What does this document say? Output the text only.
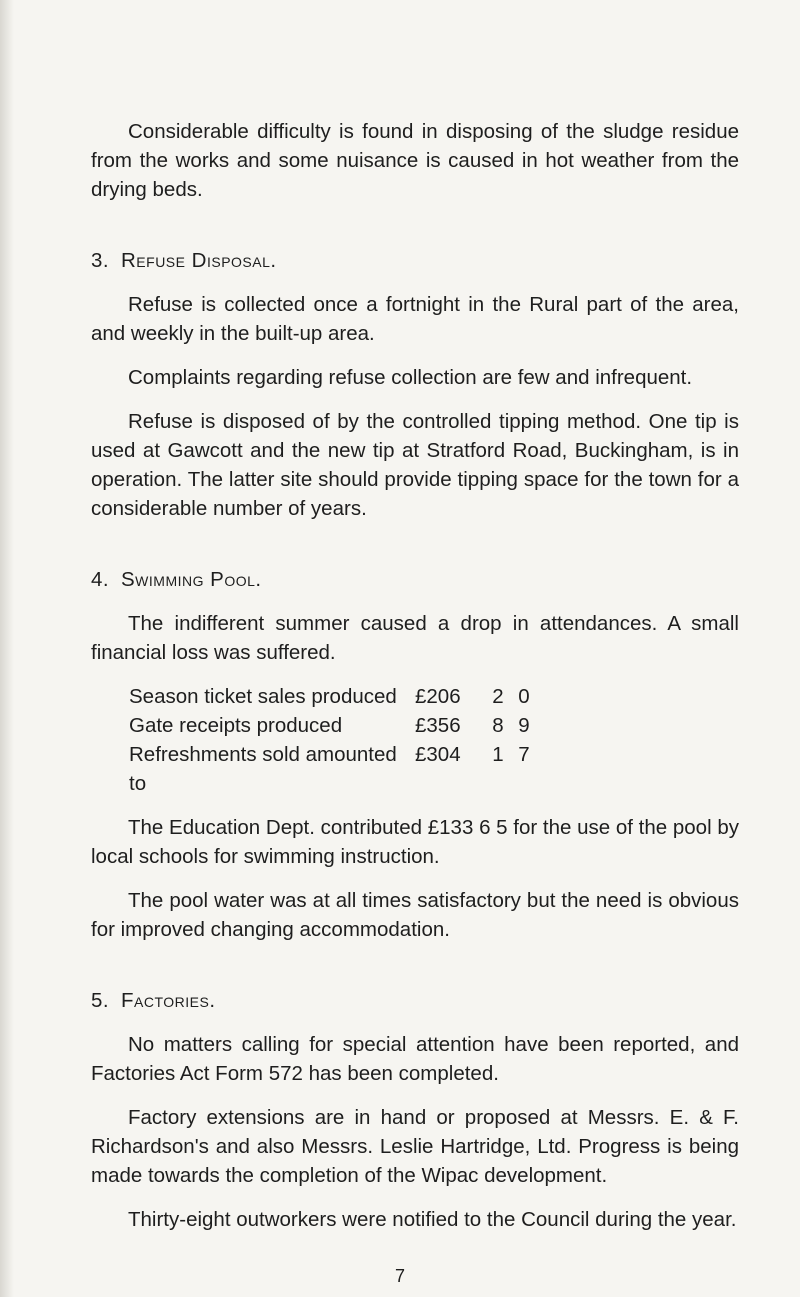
Considerable difficulty is found in disposing of the sludge residue from the works and some nuisance is caused in hot weather from the drying beds.

3. Refuse Disposal.

Refuse is collected once a fortnight in the Rural part of the area, and weekly in the built-up area.

Complaints regarding refuse collection are few and infrequent.

Refuse is disposed of by the controlled tipping method. One tip is used at Gawcott and the new tip at Stratford Road, Buckingham, is in operation. The latter site should provide tipping space for the town for a considerable number of years.

4. Swimming Pool.

The indifferent summer caused a drop in attendances. A small financial loss was suffered.

Season ticket sales produced	£206	2	0
Gate receipts produced	£356	8	9
Refreshments sold amounted to	£304	1	7

The Education Dept. contributed £133 6 5 for the use of the pool by local schools for swimming instruction.

The pool water was at all times satisfactory but the need is obvious for improved changing accommodation.

5. Factories.

No matters calling for special attention have been reported, and Factories Act Form 572 has been completed.

Factory extensions are in hand or proposed at Messrs. E. & F. Richardson's and also Messrs. Leslie Hartridge, Ltd. Progress is being made towards the completion of the Wipac development.

Thirty-eight outworkers were notified to the Council during the year.

7
